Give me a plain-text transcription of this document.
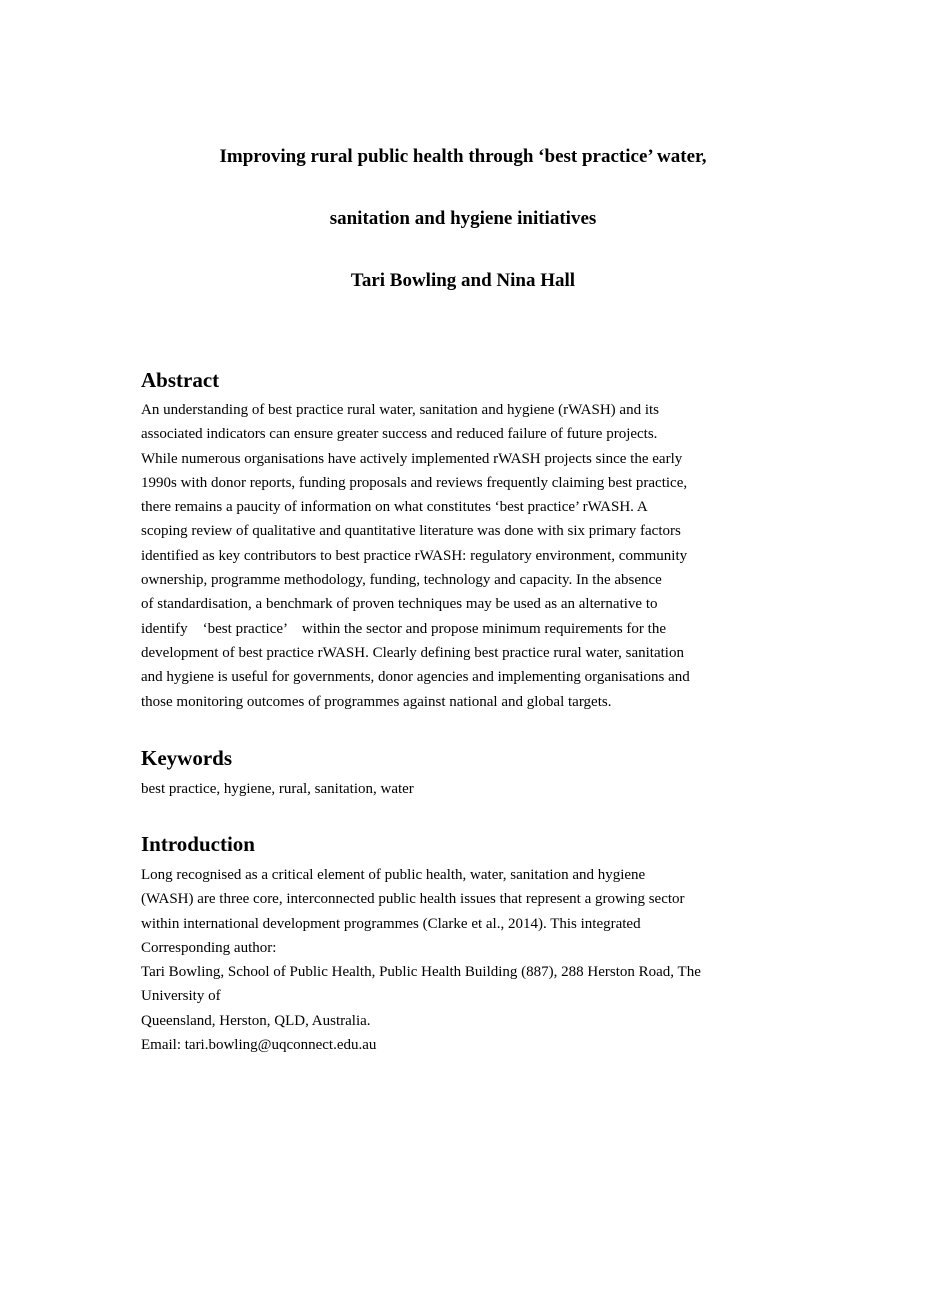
Improving rural public health through ‘best practice’ water,
sanitation and hygiene initiatives
Tari Bowling and Nina Hall
Abstract
An understanding of best practice rural water, sanitation and hygiene (rWASH) and its
associated indicators can ensure greater success and reduced failure of future projects.
While numerous organisations have actively implemented rWASH projects since the early
1990s with donor reports, funding proposals and reviews frequently claiming best practice,
there remains a paucity of information on what constitutes ‘best practice’ rWASH. A
scoping review of qualitative and quantitative literature was done with six primary factors
identified as key contributors to best practice rWASH: regulatory environment, community
ownership, programme methodology, funding, technology and capacity. In the absence
of standardisation, a benchmark of proven techniques may be used as an alternative to
identify　‘best practice’　within the sector and propose minimum requirements for the
development of best practice rWASH. Clearly defining best practice rural water, sanitation
and hygiene is useful for governments, donor agencies and implementing organisations and
those monitoring outcomes of programmes against national and global targets.
Keywords
best practice, hygiene, rural, sanitation, water
Introduction
Long recognised as a critical element of public health, water, sanitation and hygiene
(WASH) are three core, interconnected public health issues that represent a growing sector
within international development programmes (Clarke et al., 2014). This integrated
Corresponding author:
Tari Bowling, School of Public Health, Public Health Building (887), 288 Herston Road, The
University of
Queensland, Herston, QLD, Australia.
Email: tari.bowling@uqconnect.edu.au
